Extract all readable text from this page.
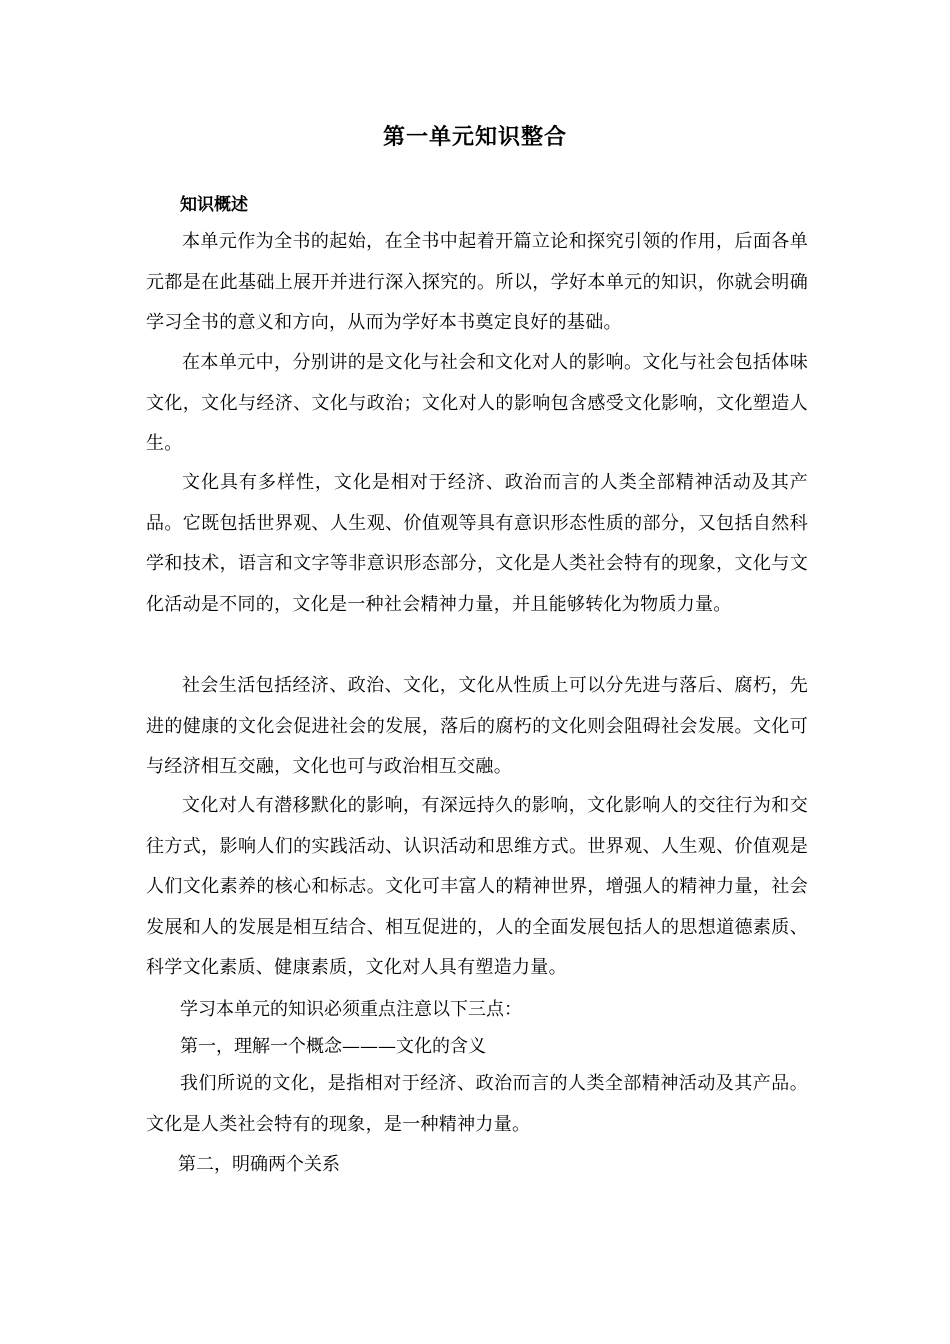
第一单元知识整合
知识概述

本单元作为全书的起始，在全书中起着开篇立论和探究引领的作用，后面各单元都是在此基础上展开并进行深入探究的。所以，学好本单元的知识，你就会明确学习全书的意义和方向，从而为学好本书奠定良好的基础。

在本单元中，分别讲的是文化与社会和文化对人的影响。文化与社会包括体味文化，文化与经济、文化与政治；文化对人的影响包含感受文化影响，文化塑造人生。

文化具有多样性，文化是相对于经济、政治而言的人类全部精神活动及其产品。它既包括世界观、人生观、价值观等具有意识形态性质的部分，又包括自然科学和技术，语言和文字等非意识形态部分，文化是人类社会特有的现象，文化与文化活动是不同的，文化是一种社会精神力量，并且能够转化为物质力量。

社会生活包括经济、政治、文化，文化从性质上可以分先进与落后、腐朽，先进的健康的文化会促进社会的发展，落后的腐朽的文化则会阻碍社会发展。文化可与经济相互交融，文化也可与政治相互交融。

文化对人有潜移默化的影响，有深远持久的影响，文化影响人的交往行为和交往方式，影响人们的实践活动、认识活动和思维方式。世界观、人生观、价值观是人们文化素养的核心和标志。文化可丰富人的精神世界，增强人的精神力量，社会发展和人的发展是相互结合、相互促进的，人的全面发展包括人的思想道德素质、科学文化素质、健康素质，文化对人具有塑造力量。

学习本单元的知识必须重点注意以下三点：

第一，理解一个概念———文化的含义

我们所说的文化，是指相对于经济、政治而言的人类全部精神活动及其产品。文化是人类社会特有的现象，是一种精神力量。

第二，明确两个关系
